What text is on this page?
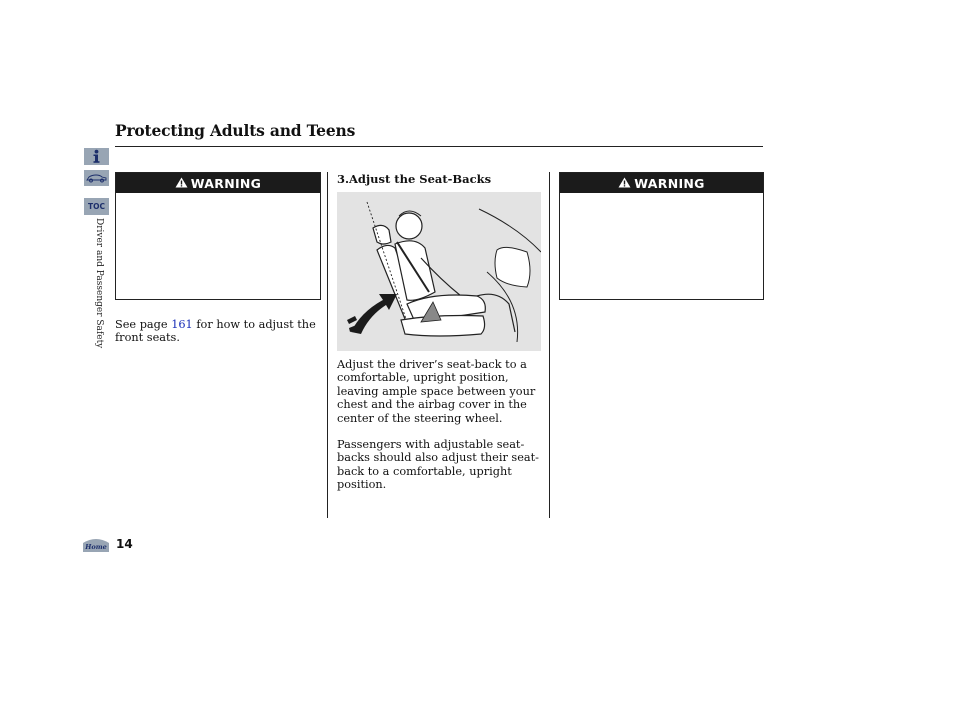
Protecting Adults and Teens
TOC
Driver and Passenger Safety
WARNING
See page 161 for how to adjust the front seats.
3.Adjust the Seat-Backs
Adjust the driver’s seat-back to a comfortable, upright position, leaving ample space between your chest and the airbag cover in the center of the steering wheel.
Passengers with adjustable seat-backs should also adjust their seat- back to a comfortable, upright position.
WARNING
Home 14
